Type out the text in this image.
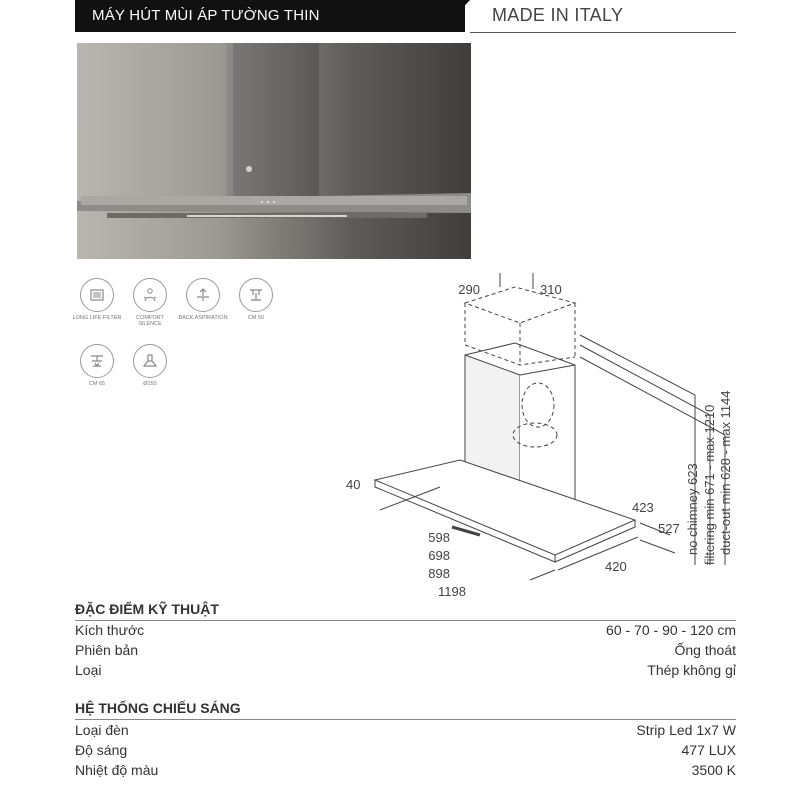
MÁY HÚT MÙI ÁP TƯỜNG THIN	MADE IN ITALY
LONG LIFE FILTER	COMFORT SILENCE
BACK ASPIRATION	CM 50
CM 65	Ø150
290	310
40
598
698
898
1198
420
423
527 no chimney 623 filtering min 671 - max 1210 duct-out min 628 - max 1144
ĐẶC ĐIỂM KỸ THUẬT
Kích thước	60 - 70 - 90 - 120 cm
Phiên bản	Ống thoát
Loại	Thép không gỉ
HỆ THỐNG CHIẾU SÁNG
Loại đèn	Strip Led 1x7 W
Độ sáng	477 LUX
Nhiệt độ màu	3500 K
